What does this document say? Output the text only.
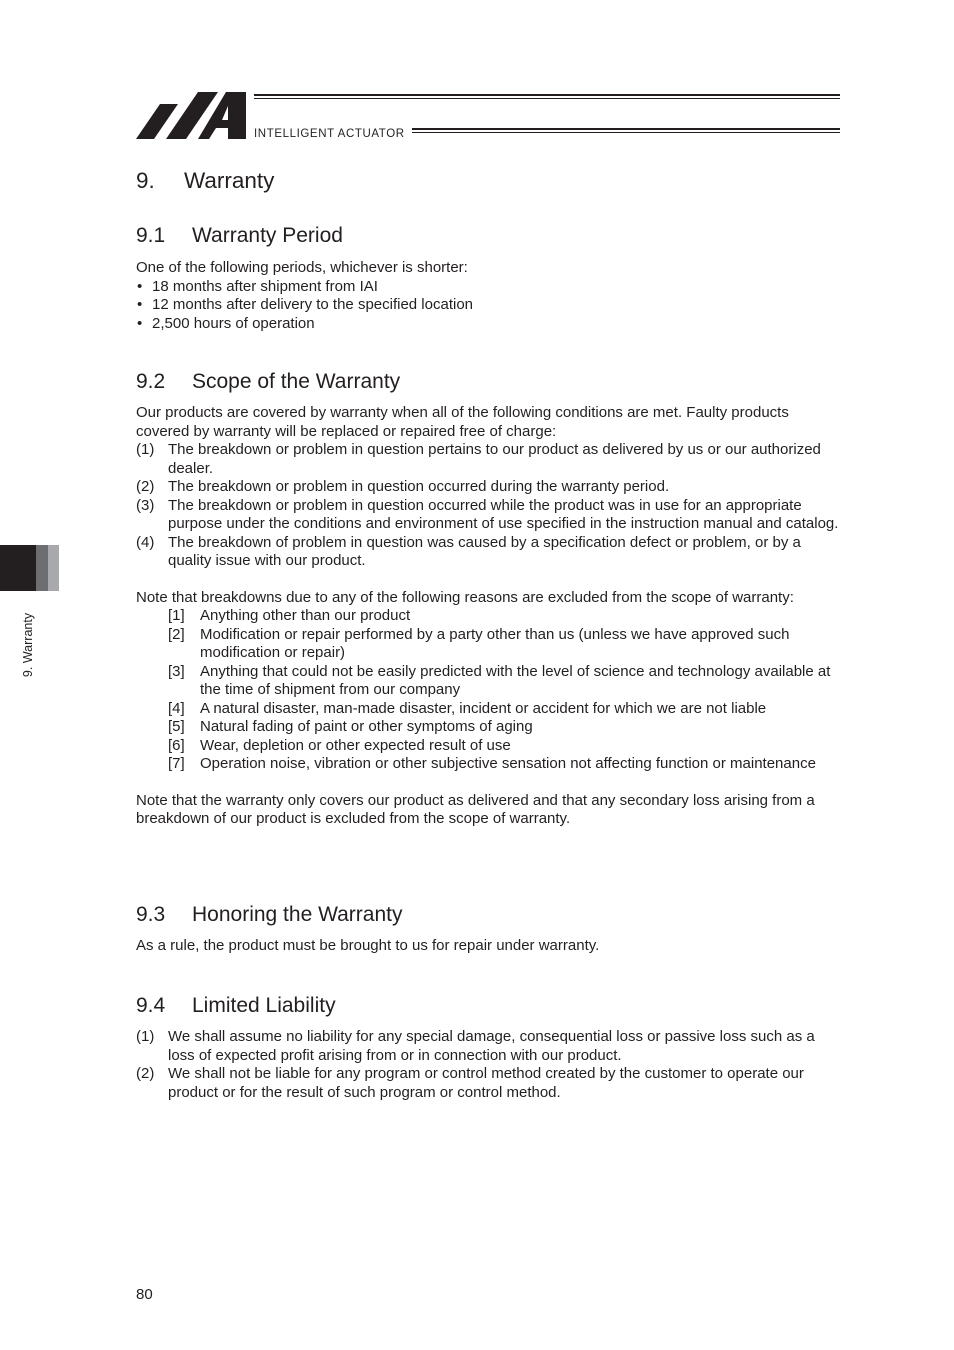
INTELLIGENT ACTUATOR
9. Warranty
9. Warranty
9.1 Warranty Period

One of the following periods, whichever is shorter:

• 18 months after shipment from IAI
• 12 months after delivery to the specified location
• 2,500 hours of operation
9.2 Scope of the Warranty

Our products are covered by warranty when all of the following conditions are met. Faulty products covered by warranty will be replaced or repaired free of charge:

(1) The breakdown or problem in question pertains to our product as delivered by us or our authorized dealer.
(2) The breakdown or problem in question occurred during the warranty period.
(3) The breakdown or problem in question occurred while the product was in use for an appropriate purpose under the conditions and environment of use specified in the instruction manual and catalog.
(4) The breakdown of problem in question was caused by a specification defect or problem, or by a quality issue with our product.

Note that breakdowns due to any of the following reasons are excluded from the scope of warranty:

[1] Anything other than our product
[2] Modification or repair performed by a party other than us (unless we have approved such modification or repair)
[3] Anything that could not be easily predicted with the level of science and technology available at the time of shipment from our company
[4] A natural disaster, man-made disaster, incident or accident for which we are not liable
[5] Natural fading of paint or other symptoms of aging
[6] Wear, depletion or other expected result of use
[7] Operation noise, vibration or other subjective sensation not affecting function or maintenance

Note that the warranty only covers our product as delivered and that any secondary loss arising from a breakdown of our product is excluded from the scope of warranty.

9.3 Honoring the Warranty

As a rule, the product must be brought to us for repair under warranty.

9.4 Limited Liability
(1) We shall assume no liability for any special damage, consequential loss or passive loss such as a loss of expected profit arising from or in connection with our product.
(2) We shall not be liable for any program or control method created by the customer to operate our product or for the result of such program or control method.
80
